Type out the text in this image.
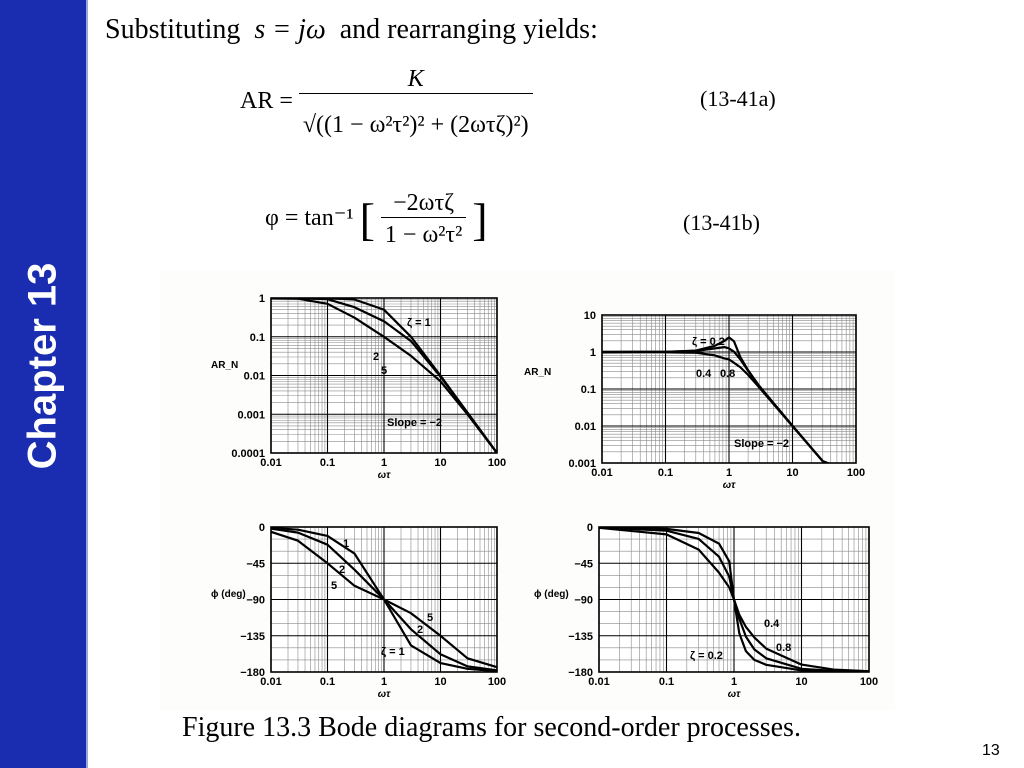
Chapter 13
Substituting s = jω and rearranging yields:
AR = $\frac{K}{\text{√((1 − ω²τ²)² + (2ωτζ)²)}}$	(13-41a)
φ = tan⁻¹ [ $\frac{\text{−2ωτζ}}{\text{1 − ω²τ²}}$ ]	(13-41b)
0.01	0.1	1	10	100
0.0001
0.001
0.01
0.1
1
ωτ
AR_N
ζ = 1
2
5
Slope = −2
0.01	0.1	1	10	100
0.001
0.01
0.1
1
10
ωτ
AR_N
ζ = 0.2
0.4 0.8
Slope = −2
0.01	0.1	1	10	100
0
−45
−90
−135
−180
ωτ
ϕ (deg)
1
2
5
5
2
ζ = 1
0.01	0.1	1	10	100
0
−45
−90
−135
−180
ωτ
ϕ (deg)
0.4
0.8
ζ = 0.2
Figure 13.3 Bode diagrams for second-order processes.
13
